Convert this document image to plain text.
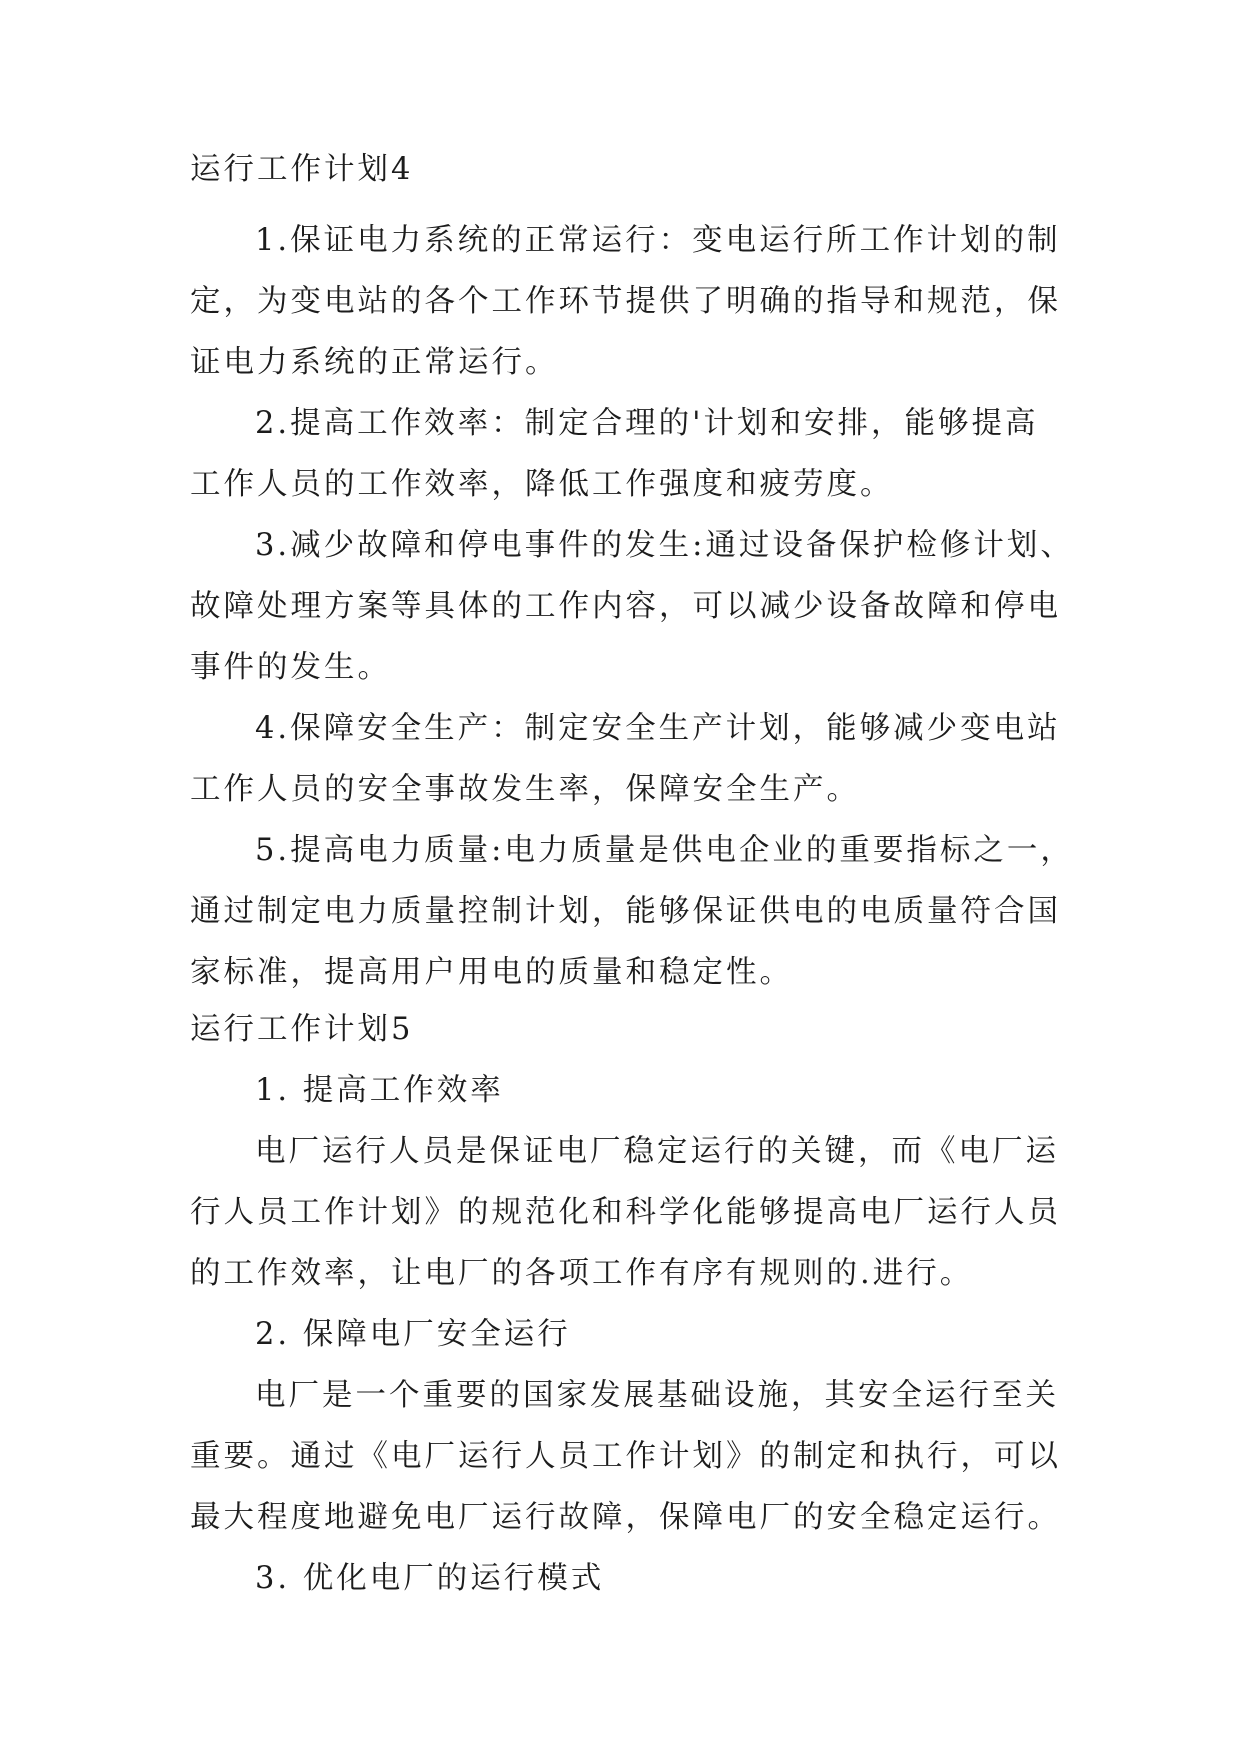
运行工作计划4
1.保证电力系统的正常运行：变电运行所工作计划的制
定，为变电站的各个工作环节提供了明确的指导和规范，保
证电力系统的正常运行。
2.提高工作效率：制定合理的'计划和安排，能够提高
工作人员的工作效率，降低工作强度和疲劳度。
3.减少故障和停电事件的发生:通过设备保护检修计划、
故障处理方案等具体的工作内容，可以减少设备故障和停电
事件的发生。
4.保障安全生产：制定安全生产计划，能够减少变电站
工作人员的安全事故发生率，保障安全生产。
5.提高电力质量:电力质量是供电企业的重要指标之一，
通过制定电力质量控制计划，能够保证供电的电质量符合国
家标准，提高用户用电的质量和稳定性。
运行工作计划5
1. 提高工作效率
电厂运行人员是保证电厂稳定运行的关键，而《电厂运
行人员工作计划》的规范化和科学化能够提高电厂运行人员
的工作效率，让电厂的各项工作有序有规则的.进行。
2. 保障电厂安全运行
电厂是一个重要的国家发展基础设施，其安全运行至关
重要。通过《电厂运行人员工作计划》的制定和执行，可以
最大程度地避免电厂运行故障，保障电厂的安全稳定运行。
3. 优化电厂的运行模式
